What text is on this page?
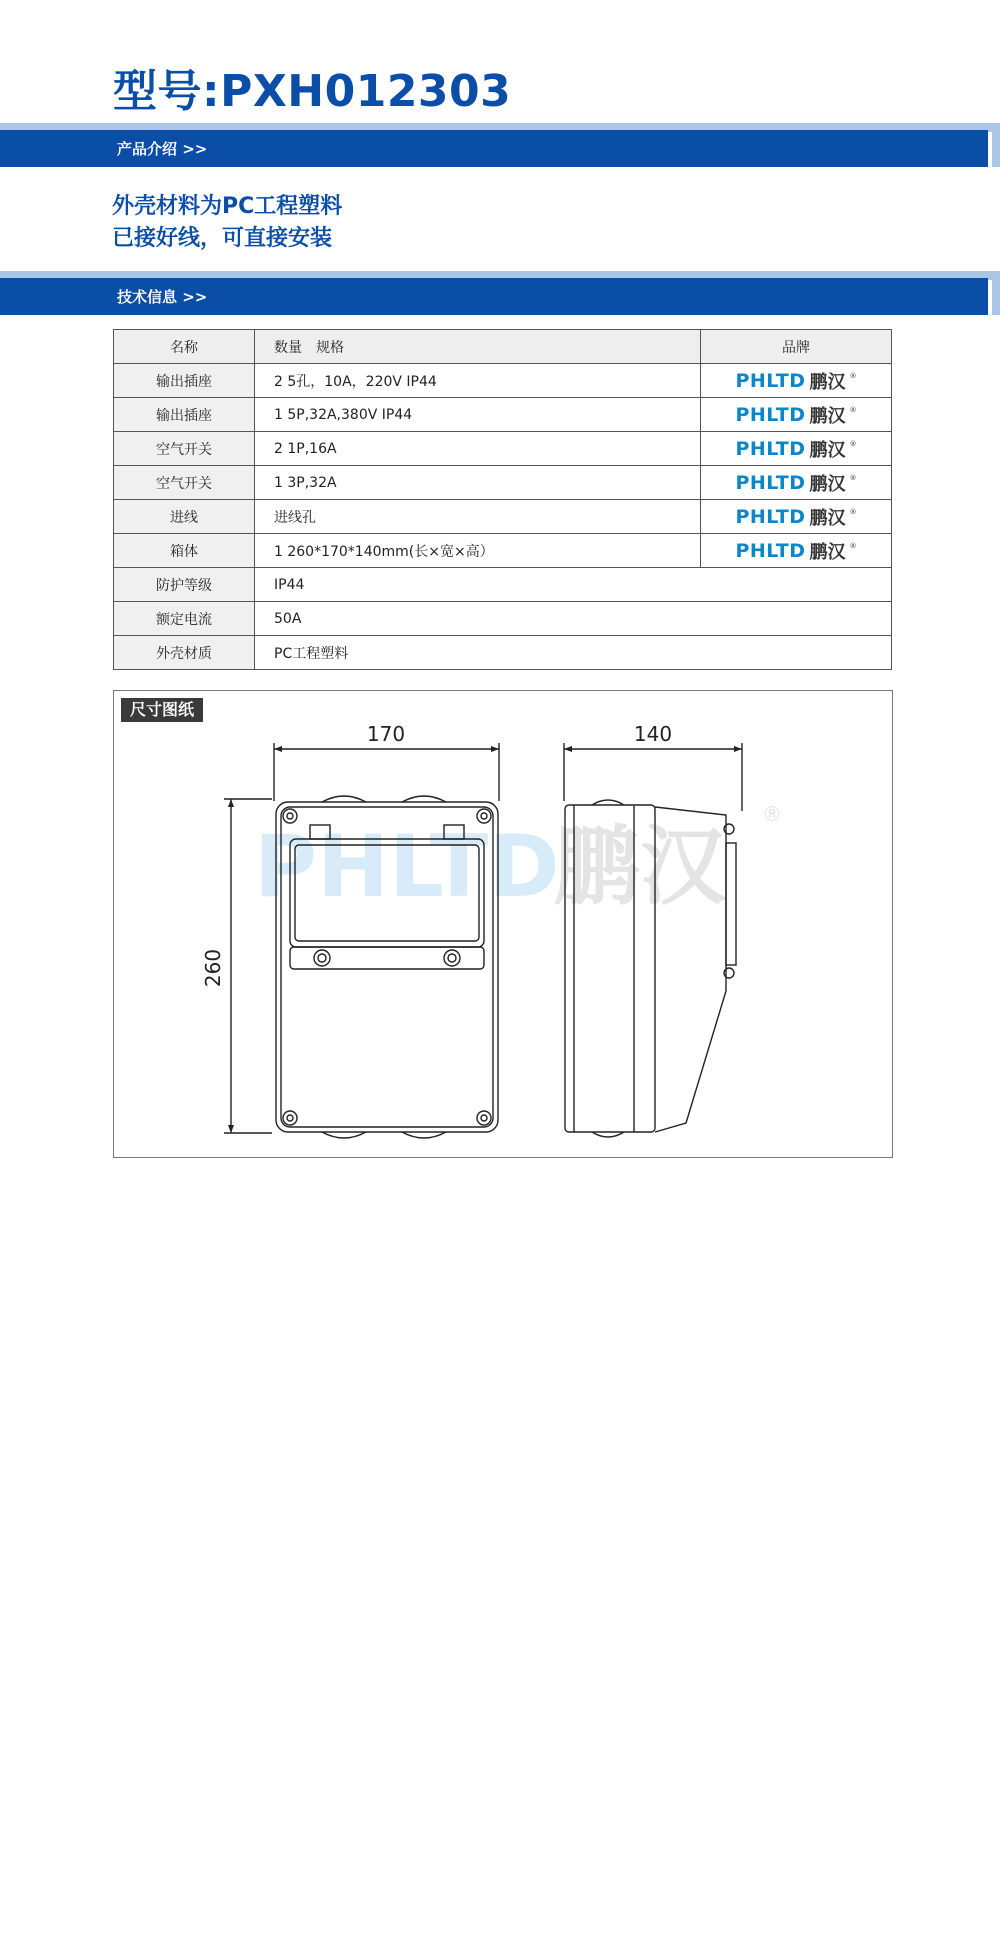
型号:PXH012303
产品介绍 >>
外壳材料为PC工程塑料
已接好线，可直接安装
技术信息 >>
名称	数量　规格	品牌
输出插座	2 5孔，10A，220V IP44	PHLTD 鹏汉 ®

输出插座	1 5P,32A,380V IP44	PHLTD 鹏汉 ®

空气开关	2 1P,16A	PHLTD 鹏汉 ®

空气开关	1 3P,32A	PHLTD 鹏汉 ®

进线	进线孔	PHLTD 鹏汉 ®

箱体	1 260*170*140mm(长×宽×高）	PHLTD 鹏汉 ®

防护等级	IP44	
额定电流	50A	
外壳材质	PC工程塑料	
尺寸图纸
PHLTD
鹏汉
®
170	140
260
